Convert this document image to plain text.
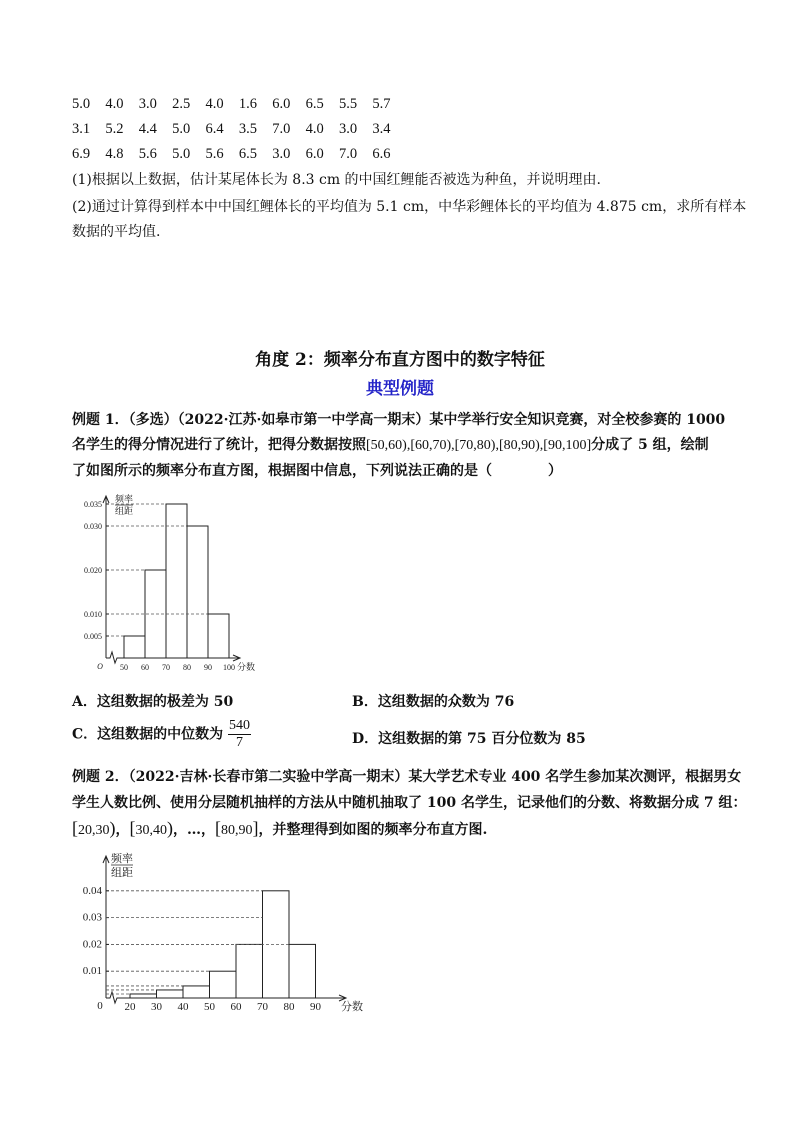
5.0  4.0  3.0  2.5  4.0  1.6  6.0  6.5  5.5  5.7
3.1  5.2  4.4  5.0  6.4  3.5  7.0  4.0  3.0  3.4
6.9  4.8  5.6  5.0  5.6  6.5  3.0  6.0  7.0  6.6
(1)根据以上数据，估计某尾体长为 8.3 cm 的中国红鲤能否被选为种鱼，并说明理由.
(2)通过计算得到样本中中国红鲤体长的平均值为 5.1 cm，中华彩鲤体长的平均值为 4.875 cm，求所有样本
数据的平均值.
角度 2：频率分布直方图中的数字特征
典型例题
例题 1．（多选）（2022·江苏·如皋市第一中学高一期末）某中学举行安全知识竞赛，对全校参赛的 1000
名学生的得分情况进行了统计，把得分数据按照[50,60),[60,70),[70,80),[80,90),[90,100]分成了 5 组，绘制
了如图所示的频率分布直方图，根据图中信息，下列说法正确的是（　　　　）
频率
组距
O
0.035
0.030
0.020
0.010
0.005
50 60 70 80 90 100 分数
A．这组数据的极差为 50	B．这组数据的众数为 76
C．这组数据的中位数为 $\frac{540}{7}$	D．这组数据的第 75 百分位数为 85
例题 2．（2022·吉林·长春市第二实验中学高一期末）某大学艺术专业 400 名学生参加某次测评，根据男女
学生人数比例、使用分层随机抽样的方法从中随机抽取了 100 名学生，记录他们的分数、将数据分成 7 组：
[20,30)，[30,40)，…，[80,90]，并整理得到如图的频率分布直方图.
频率
组距
0
0.04
0.03
0.02
0.01
20 30 40 50 60 70 80 90 分数
